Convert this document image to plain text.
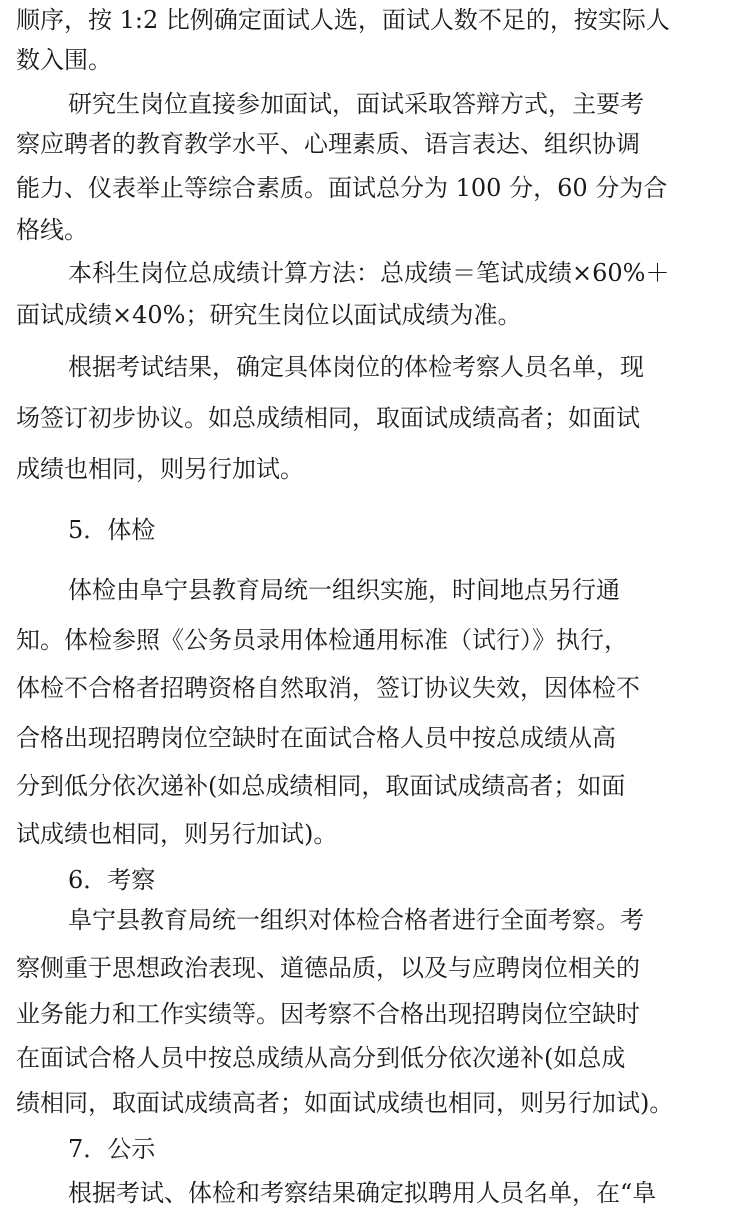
顺序，按 1:2 比例确定面试人选，面试人数不足的，按实际人
数入围。
研究生岗位直接参加面试，面试采取答辩方式，主要考
察应聘者的教育教学水平、心理素质、语言表达、组织协调
能力、仪表举止等综合素质。面试总分为 100 分，60 分为合
格线。
本科生岗位总成绩计算方法：总成绩＝笔试成绩×60%＋
面试成绩×40%；研究生岗位以面试成绩为准。
根据考试结果，确定具体岗位的体检考察人员名单，现
场签订初步协议。如总成绩相同，取面试成绩高者；如面试
成绩也相同，则另行加试。
5．体检
体检由阜宁县教育局统一组织实施，时间地点另行通
知。体检参照《公务员录用体检通用标准（试行）》执行，
体检不合格者招聘资格自然取消，签订协议失效，因体检不
合格出现招聘岗位空缺时在面试合格人员中按总成绩从高
分到低分依次递补(如总成绩相同，取面试成绩高者；如面
试成绩也相同，则另行加试)。
6．考察
阜宁县教育局统一组织对体检合格者进行全面考察。考
察侧重于思想政治表现、道德品质，以及与应聘岗位相关的
业务能力和工作实绩等。因考察不合格出现招聘岗位空缺时
在面试合格人员中按总成绩从高分到低分依次递补(如总成
绩相同，取面试成绩高者；如面试成绩也相同，则另行加试)。
7．公示
根据考试、体检和考察结果确定拟聘用人员名单，在“阜
